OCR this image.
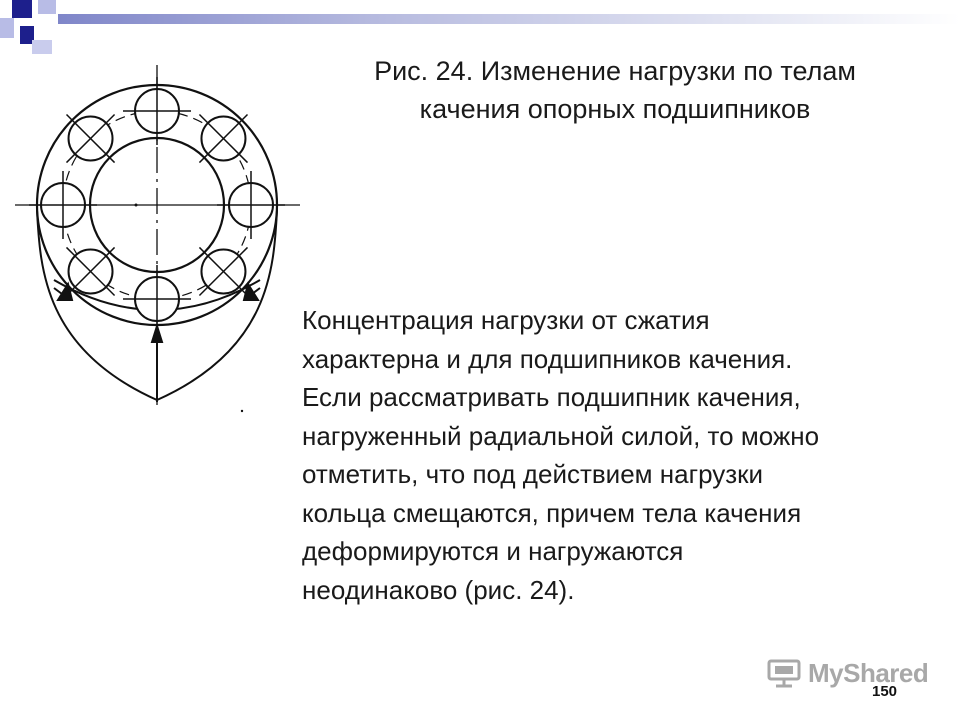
Рис. 24. Изменение нагрузки по телам
качения опорных подшипников
Концентрация нагрузки от сжатия
характерна и для подшипников качения.
Если рассматривать подшипник качения,
нагруженный радиальной силой, то можно
отметить, что под действием нагрузки
кольца смещаются, причем тела качения
деформируются и нагружаются
неодинаково (рис. 24).
MyShared
150
